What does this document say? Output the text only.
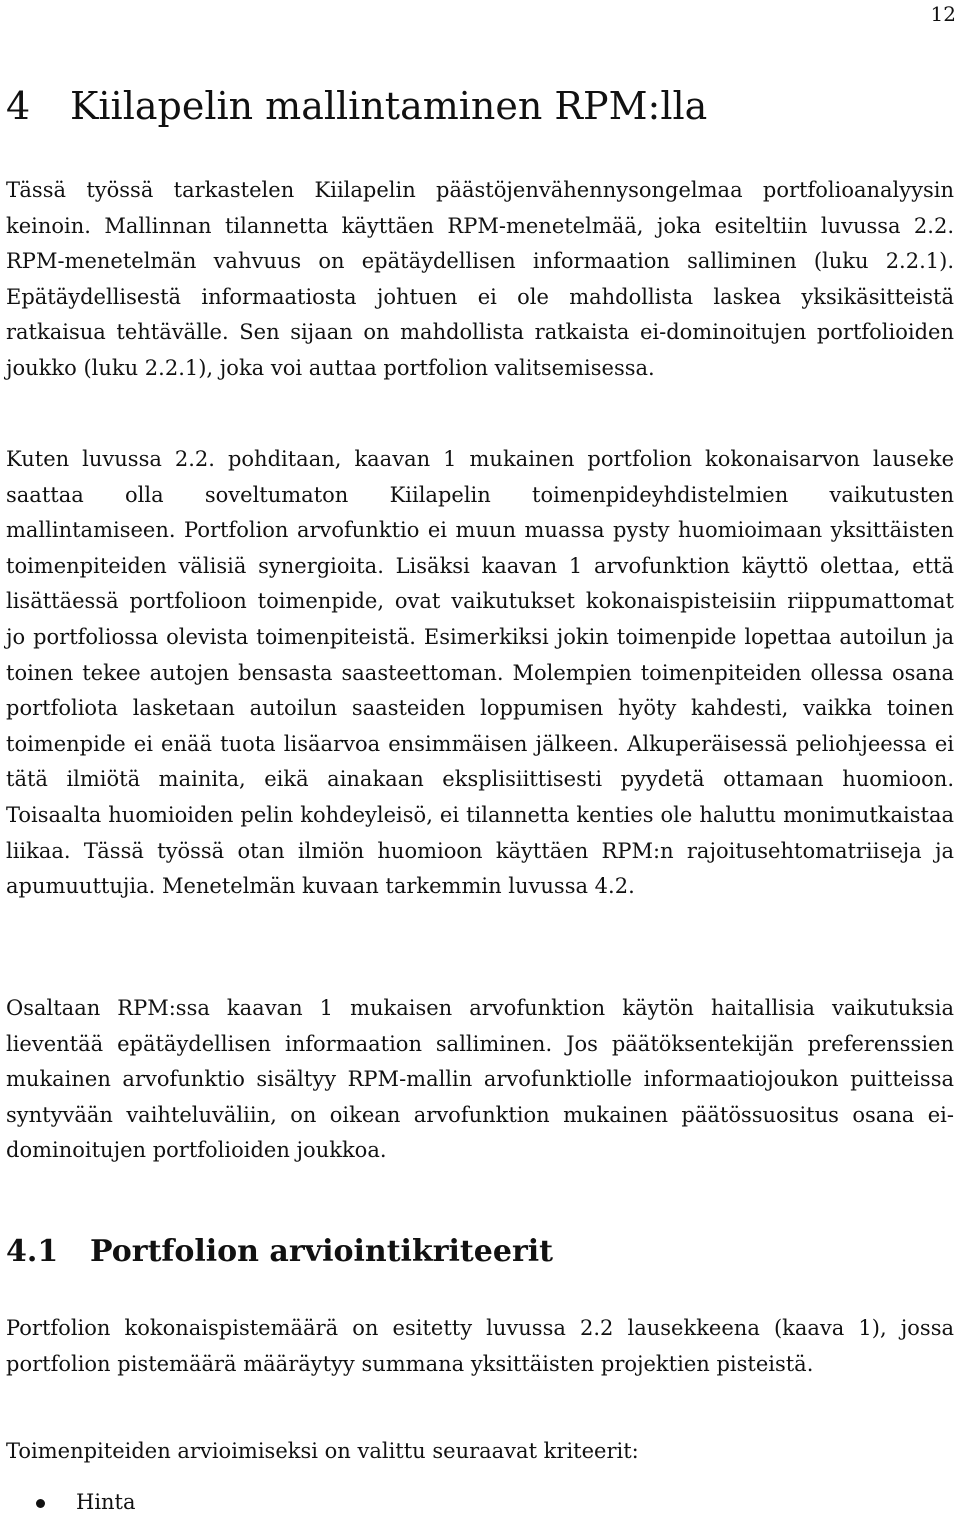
12
4 Kiilapelin mallintaminen RPM:lla

Tässä työssä tarkastelen Kiilapelin päästöjenvähennysongelmaa portfolioanalyysin keinoin. Mallinnan tilannetta käyttäen RPM-menetelmää, joka esiteltiin luvussa 2.2. RPM-menetelmän vahvuus on epätäydellisen informaation salliminen (luku 2.2.1). Epätäydellisestä informaatiosta johtuen ei ole mahdollista laskea yksikäsitteistä ratkaisua tehtävälle. Sen sijaan on mahdollista ratkaista ei-dominoitujen portfolioiden joukko (luku 2.2.1), joka voi auttaa portfolion valitsemisessa.

Kuten luvussa 2.2. pohditaan, kaavan 1 mukainen portfolion kokonaisarvon lauseke saattaa olla soveltumaton Kiilapelin toimenpideyhdistelmien vaikutusten mallintamiseen. Portfolion arvofunktio ei muun muassa pysty huomioimaan yksittäisten toimenpiteiden välisiä synergioita. Lisäksi kaavan 1 arvofunktion käyttö olettaa, että lisättäessä portfolioon toimenpide, ovat vaikutukset kokonaispisteisiin riippumattomat jo portfoliossa olevista toimenpiteistä. Esimerkiksi jokin toimenpide lopettaa autoilun ja toinen tekee autojen bensasta saasteettoman. Molempien toimenpiteiden ollessa osana portfoliota lasketaan autoilun saasteiden loppumisen hyöty kahdesti, vaikka toinen toimenpide ei enää tuota lisäarvoa ensimmäisen jälkeen. Alkuperäisessä peliohjeessa ei tätä ilmiötä mainita, eikä ainakaan eksplisiittisesti pyydetä ottamaan huomioon. Toisaalta huomioiden pelin kohdeyleisö, ei tilannetta kenties ole haluttu monimutkaistaa liikaa. Tässä työssä otan ilmiön huomioon käyttäen RPM:n rajoitusehtomatriiseja ja apumuuttujia. Menetelmän kuvaan tarkemmin luvussa 4.2.

Osaltaan RPM:ssa kaavan 1 mukaisen arvofunktion käytön haitallisia vaikutuksia lieventää epätäydellisen informaation salliminen. Jos päätöksentekijän preferenssien mukainen arvofunktio sisältyy RPM-mallin arvofunktiolle informaatiojoukon puitteissa syntyvään vaihteluväliin, on oikean arvofunktion mukainen päätössuositus osana ei-dominoitujen portfolioiden joukkoa.

4.1 Portfolion arviointikriteerit

Portfolion kokonaispistemäärä on esitetty luvussa 2.2 lausekkeena (kaava 1), jossa portfolion pistemäärä määräytyy summana yksittäisten projektien pisteistä.

Toimenpiteiden arvioimiseksi on valittu seuraavat kriteerit:

Hinta
